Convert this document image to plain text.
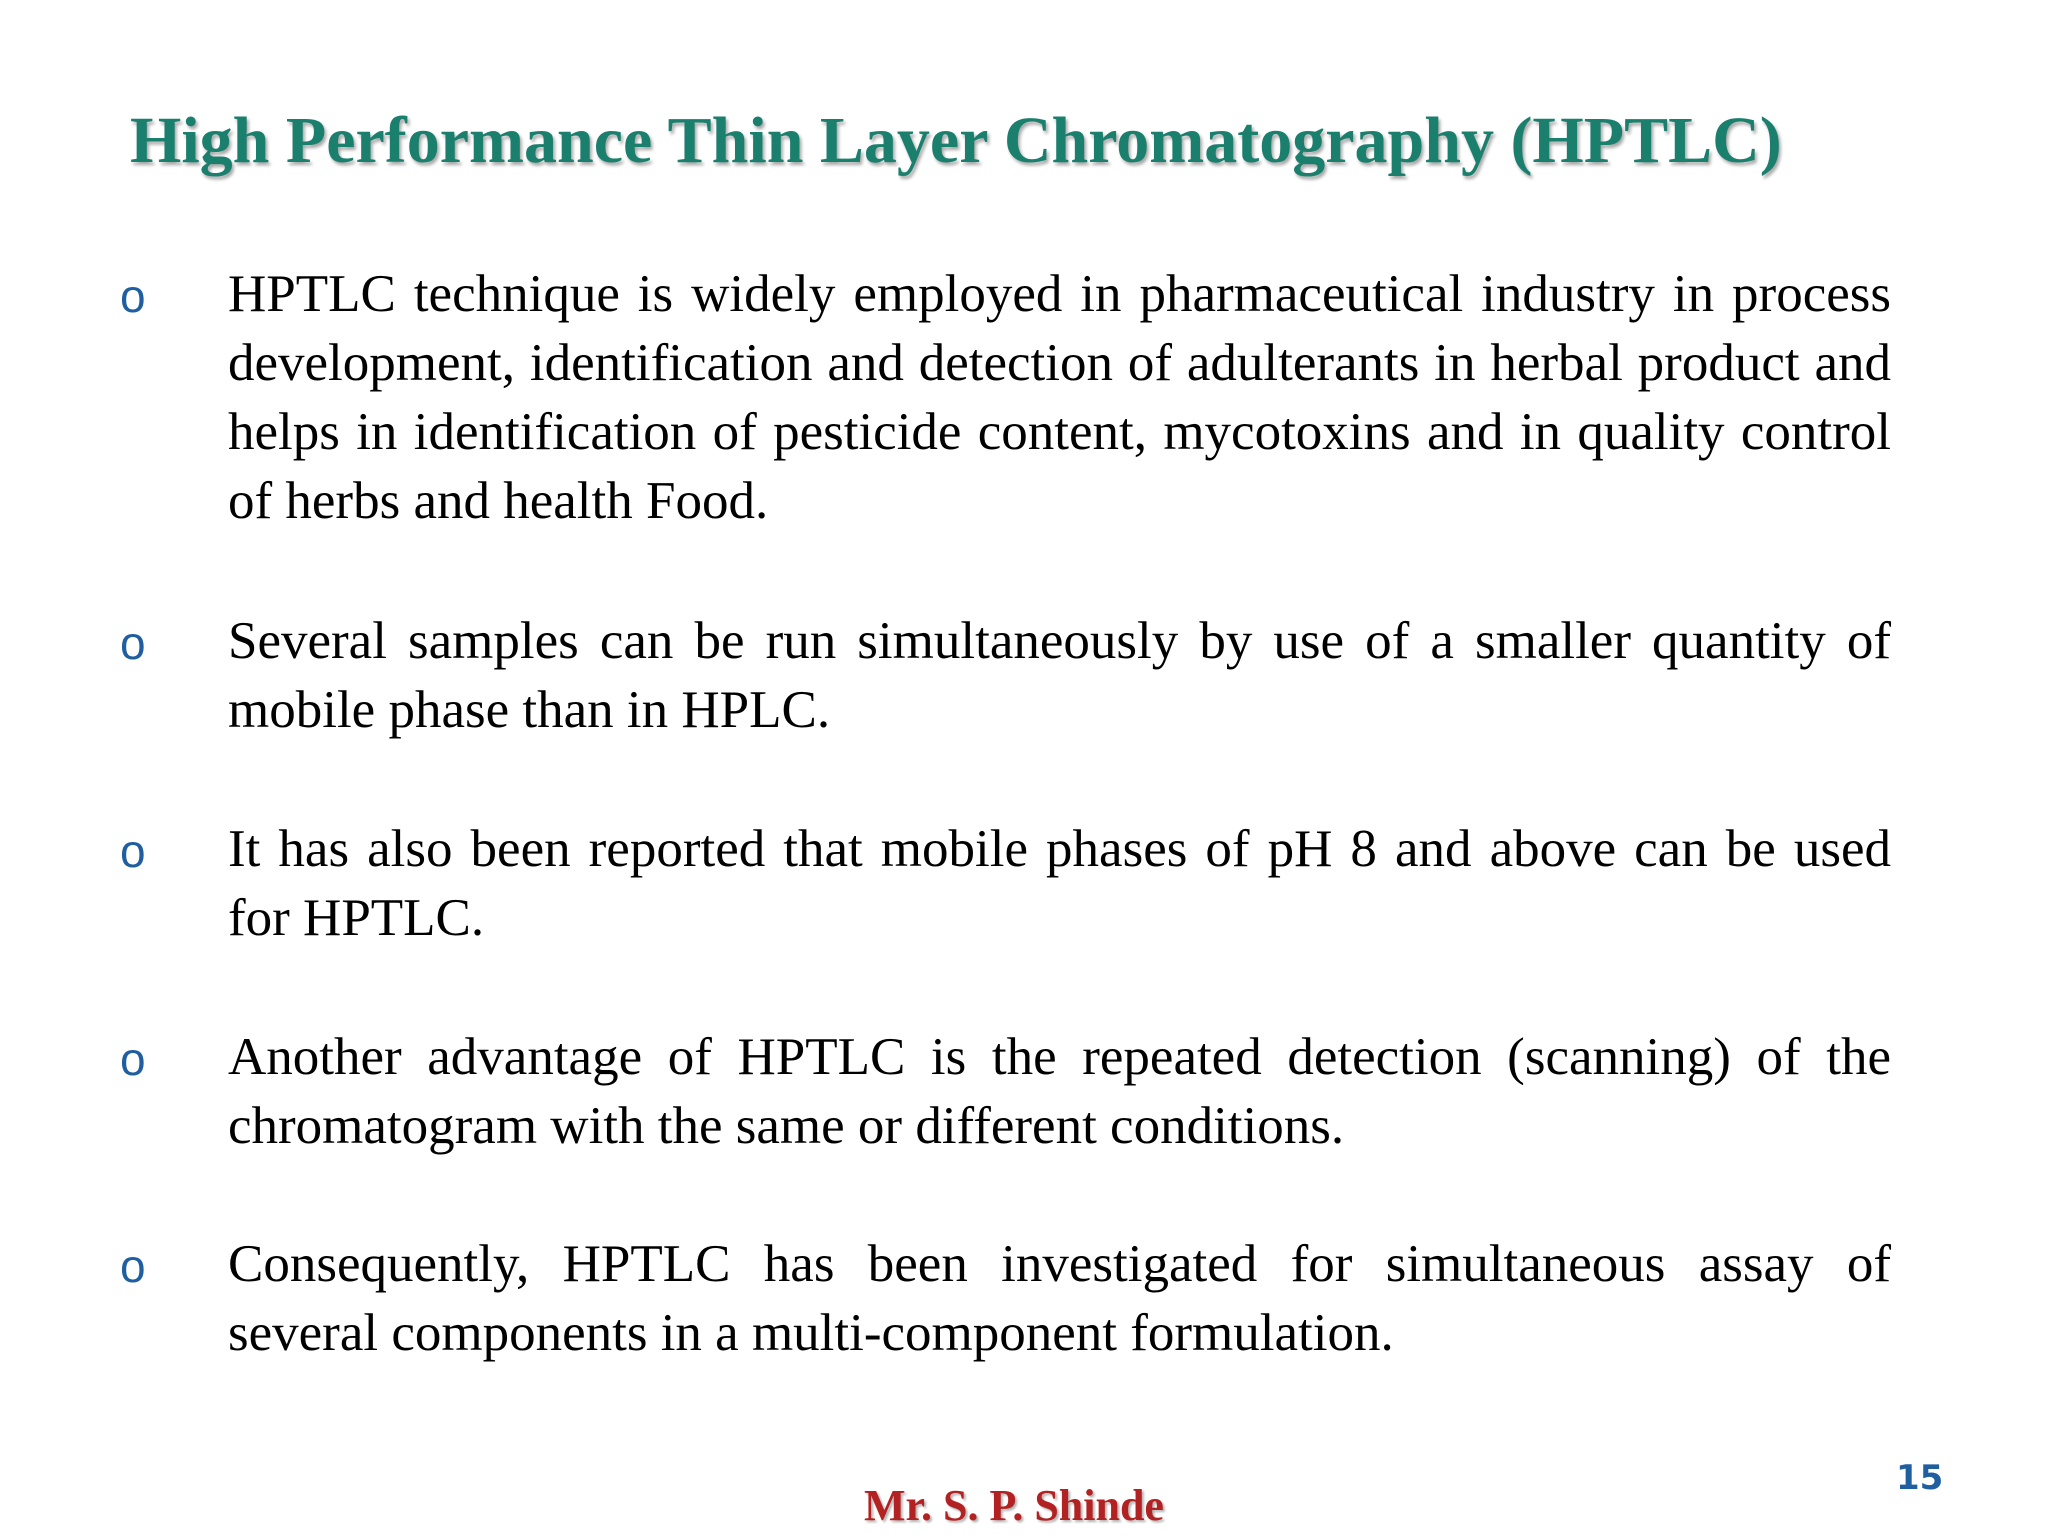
High Performance Thin Layer Chromatography (HPTLC)
o HPTLC technique is widely employed in pharmaceutical industry in process development, identification and detection of adulterants in herbal product and helps in identification of pesticide content, mycotoxins and in quality control of herbs and health Food.
o Several samples can be run simultaneously by use of a smaller quantity of mobile phase than in HPLC.
o It has also been reported that mobile phases of pH 8 and above can be used for HPTLC.
o Another advantage of HPTLC is the repeated detection (scanning) of the chromatogram with the same or different conditions.
o Consequently, HPTLC has been investigated for simultaneous assay of several components in a multi-component formulation.
Mr. S. P. Shinde
15
